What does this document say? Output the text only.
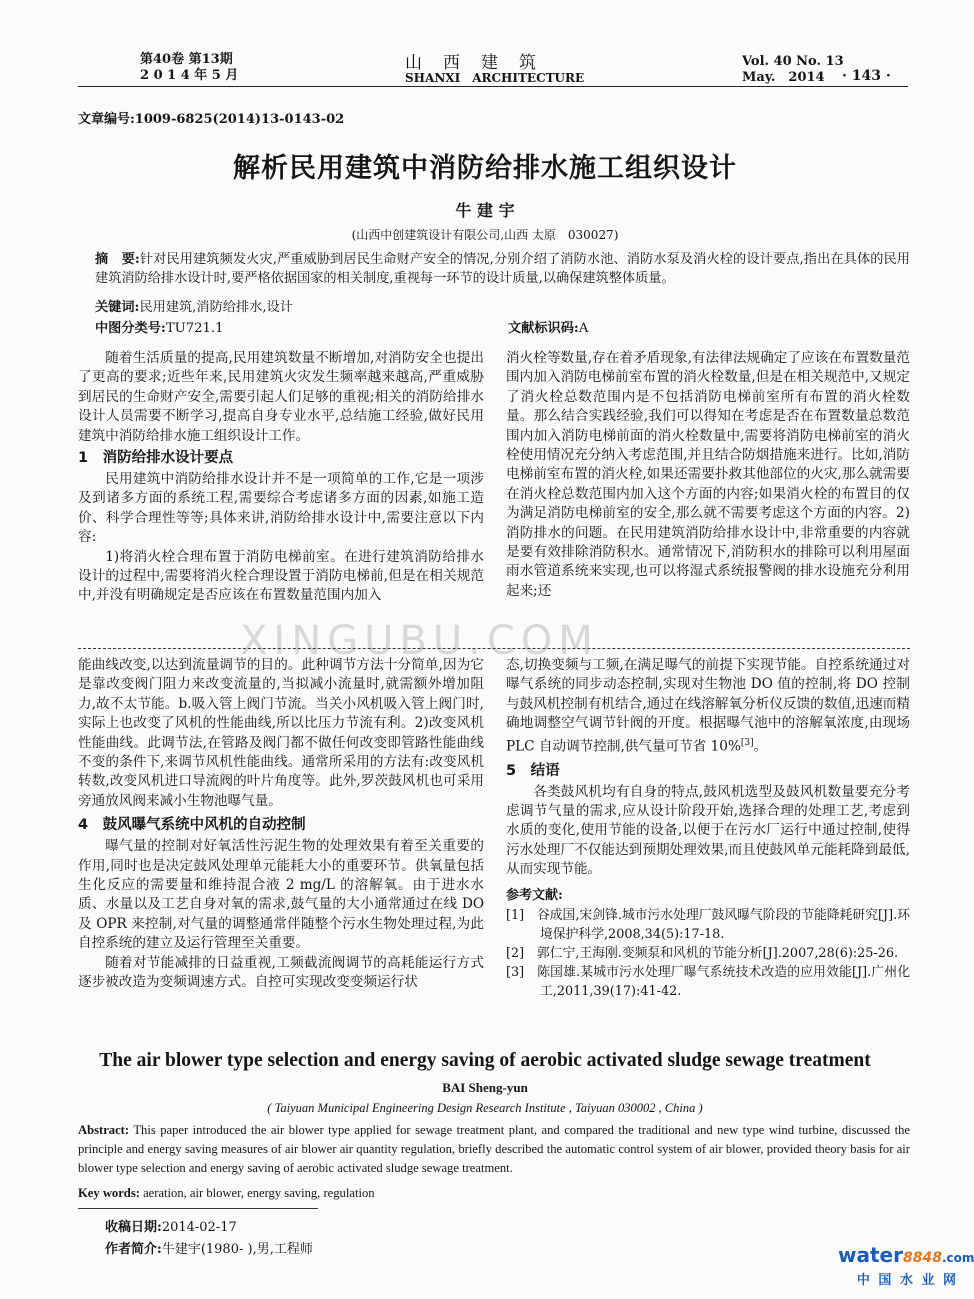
第40卷 第13期
2 0 1 4 年 5 月
山　西　建　筑
SHANXI　ARCHITECTURE
Vol. 40 No. 13
May.　2014 · 143 ·
文章编号:1009-6825(2014)13-0143-02
解析民用建筑中消防给排水施工组织设计
牛 建 宇
(山西中创建筑设计有限公司,山西 太原　030027)
摘　要:针对民用建筑频发火灾,严重威胁到居民生命财产安全的情况,分别介绍了消防水池、消防水泵及消火栓的设计要点,指出在具体的民用建筑消防给排水设计时,要严格依据国家的相关制度,重视每一环节的设计质量,以确保建筑整体质量。
关键词:民用建筑,消防给排水,设计
中图分类号:TU721.1	文献标识码:A

随着生活质量的提高,民用建筑数量不断增加,对消防安全也提出了更高的要求;近些年来,民用建筑火灾发生频率越来越高,严重威胁到居民的生命财产安全,需要引起人们足够的重视;相关的消防给排水设计人员需要不断学习,提高自身专业水平,总结施工经验,做好民用建筑中消防给排水施工组织设计工作。

1　消防给排水设计要点

民用建筑中消防给排水设计并不是一项简单的工作,它是一项涉及到诸多方面的系统工程,需要综合考虑诸多方面的因素,如施工造价、科学合理性等等;具体来讲,消防给排水设计中,需要注意以下内容:

1)将消火栓合理布置于消防电梯前室。在进行建筑消防给排水设计的过程中,需要将消火栓合理设置于消防电梯前,但是在相关规范中,并没有明确规定是否应该在布置数量范围内加入

消火栓等数量,存在着矛盾现象,有法律法规确定了应该在布置数量范围内加入消防电梯前室布置的消火栓数量,但是在相关规范中,又规定了消火栓总数范围内是不包括消防电梯前室所有布置的消火栓数量。那么结合实践经验,我们可以得知在考虑是否在布置数量总数范围内加入消防电梯前面的消火栓数量中,需要将消防电梯前室的消火栓使用情况充分纳入考虑范围,并且结合防烟措施来进行。比如,消防电梯前室布置的消火栓,如果还需要扑救其他部位的火灾,那么就需要在消火栓总数范围内加入这个方面的内容;如果消火栓的布置目的仅为满足消防电梯前室的安全,那么就不需要考虑这个方面的内容。2)消防排水的问题。在民用建筑消防给排水设计中,非常重要的内容就是要有效排除消防积水。通常情况下,消防积水的排除可以利用屋面雨水管道系统来实现,也可以将湿式系统报警阀的排水设施充分利用起来;还

XINGUBU.COM

能曲线改变,以达到流量调节的目的。此种调节方法十分简单,因为它是靠改变阀门阻力来改变流量的,当拟减小流量时,就需额外增加阻力,故不太节能。b.吸入管上阀门节流。当关小风机吸入管上阀门时,实际上也改变了风机的性能曲线,所以比压力节流有利。2)改变风机性能曲线。此调节法,在管路及阀门都不做任何改变即管路性能曲线不变的条件下,来调节风机性能曲线。通常所采用的方法有:改变风机转数,改变风机进口导流阀的叶片角度等。此外,罗茨鼓风机也可采用旁通放风阀来减小生物池曝气量。

4　鼓风曝气系统中风机的自动控制

曝气量的控制对好氧活性污泥生物的处理效果有着至关重要的作用,同时也是决定鼓风处理单元能耗大小的重要环节。供氧量包括生化反应的需要量和维持混合液 2 mg/L 的溶解氧。由于进水水质、水量以及工艺自身对氧的需求,鼓气量的大小通常通过在线 DO 及 OPR 来控制,对气量的调整通常伴随整个污水生物处理过程,为此自控系统的建立及运行管理至关重要。

随着对节能减排的日益重视,工频截流阀调节的高耗能运行方式逐步被改造为变频调速方式。自控可实现改变变频运行状

态,切换变频与工频,在满足曝气的前提下实现节能。自控系统通过对曝气系统的同步动态控制,实现对生物池 DO 值的控制,将 DO 控制与鼓风机控制有机结合,通过在线溶解氧分析仪反馈的数值,迅速而精确地调整空气调节针阀的开度。根据曝气池中的溶解氧浓度,由现场 PLC 自动调节控制,供气量可节省 10%[3]。

5　结语

各类鼓风机均有自身的特点,鼓风机选型及鼓风机数量要充分考虑调节气量的需求,应从设计阶段开始,选择合理的处理工艺,考虑到水质的变化,使用节能的设备,以便于在污水厂运行中通过控制,使得污水处理厂不仅能达到预期处理效果,而且使鼓风单元能耗降到最低,从而实现节能。

参考文献:

[1]　谷成国,宋剑锋.城市污水处理厂鼓风曝气阶段的节能降耗研究[J].环境保护科学,2008,34(5):17-18.

[2]　郭仁宁,王海刚.变频泵和风机的节能分析[J].2007,28(6):25-26.

[3]　陈国雄.某城市污水处理厂曝气系统技术改造的应用效能[J].广州化工,2011,39(17):41-42.

The air blower type selection and energy saving of aerobic activated sludge sewage treatment
BAI Sheng-yun
( Taiyuan Municipal Engineering Design Research Institute , Taiyuan 030002 , China )
Abstract: This paper introduced the air blower type applied for sewage treatment plant, and compared the traditional and new type wind turbine, discussed the principle and energy saving measures of air blower air quantity regulation, briefly described the automatic control system of air blower, provided theory basis for air blower type selection and energy saving of aerobic activated sludge sewage treatment.
Key words: aeration, air blower, energy saving, regulation
收稿日期:2014-02-17
作者简介:牛建宇(1980- ),男,工程师	water8848.com
中 国 水 业 网
